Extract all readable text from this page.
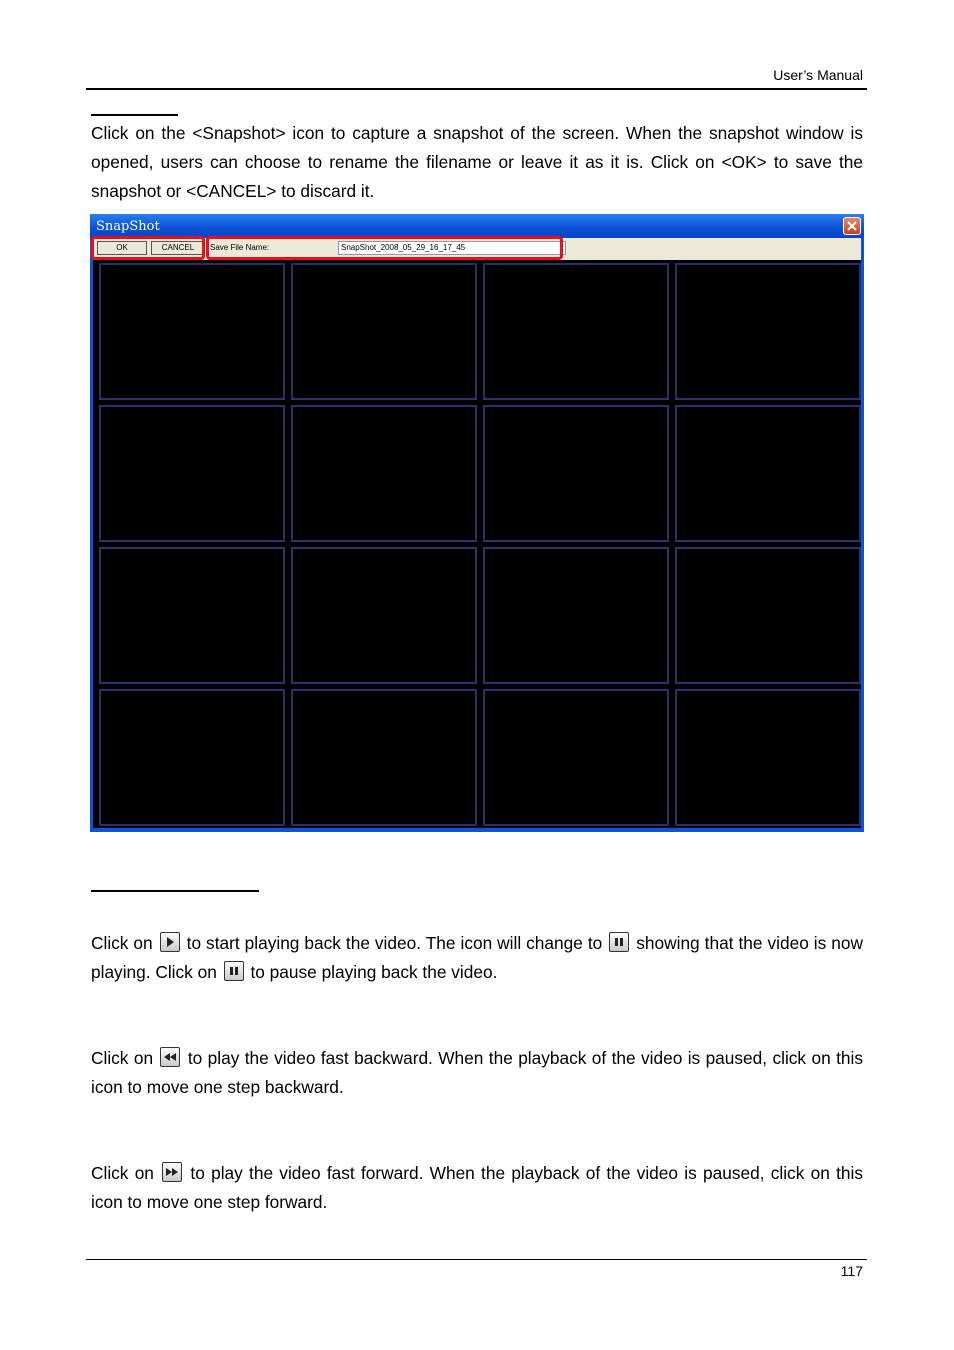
User’s Manual
Click on the <Snapshot> icon to capture a snapshot of the screen. When the snapshot window is opened, users can choose to rename the filename or leave it as it is. Click on <OK> to save the snapshot or <CANCEL> to discard it.
SnapShot
OK	CANCEL	Save File Name:	SnapShot_2008_05_29_16_17_45
Click on to start playing back the video. The icon will change to showing that the video is now playing. Click on to pause playing back the video.
Click on to play the video fast backward. When the playback of the video is paused, click on this icon to move one step backward.
Click on to play the video fast forward. When the playback of the video is paused, click on this icon to move one step forward.
117
